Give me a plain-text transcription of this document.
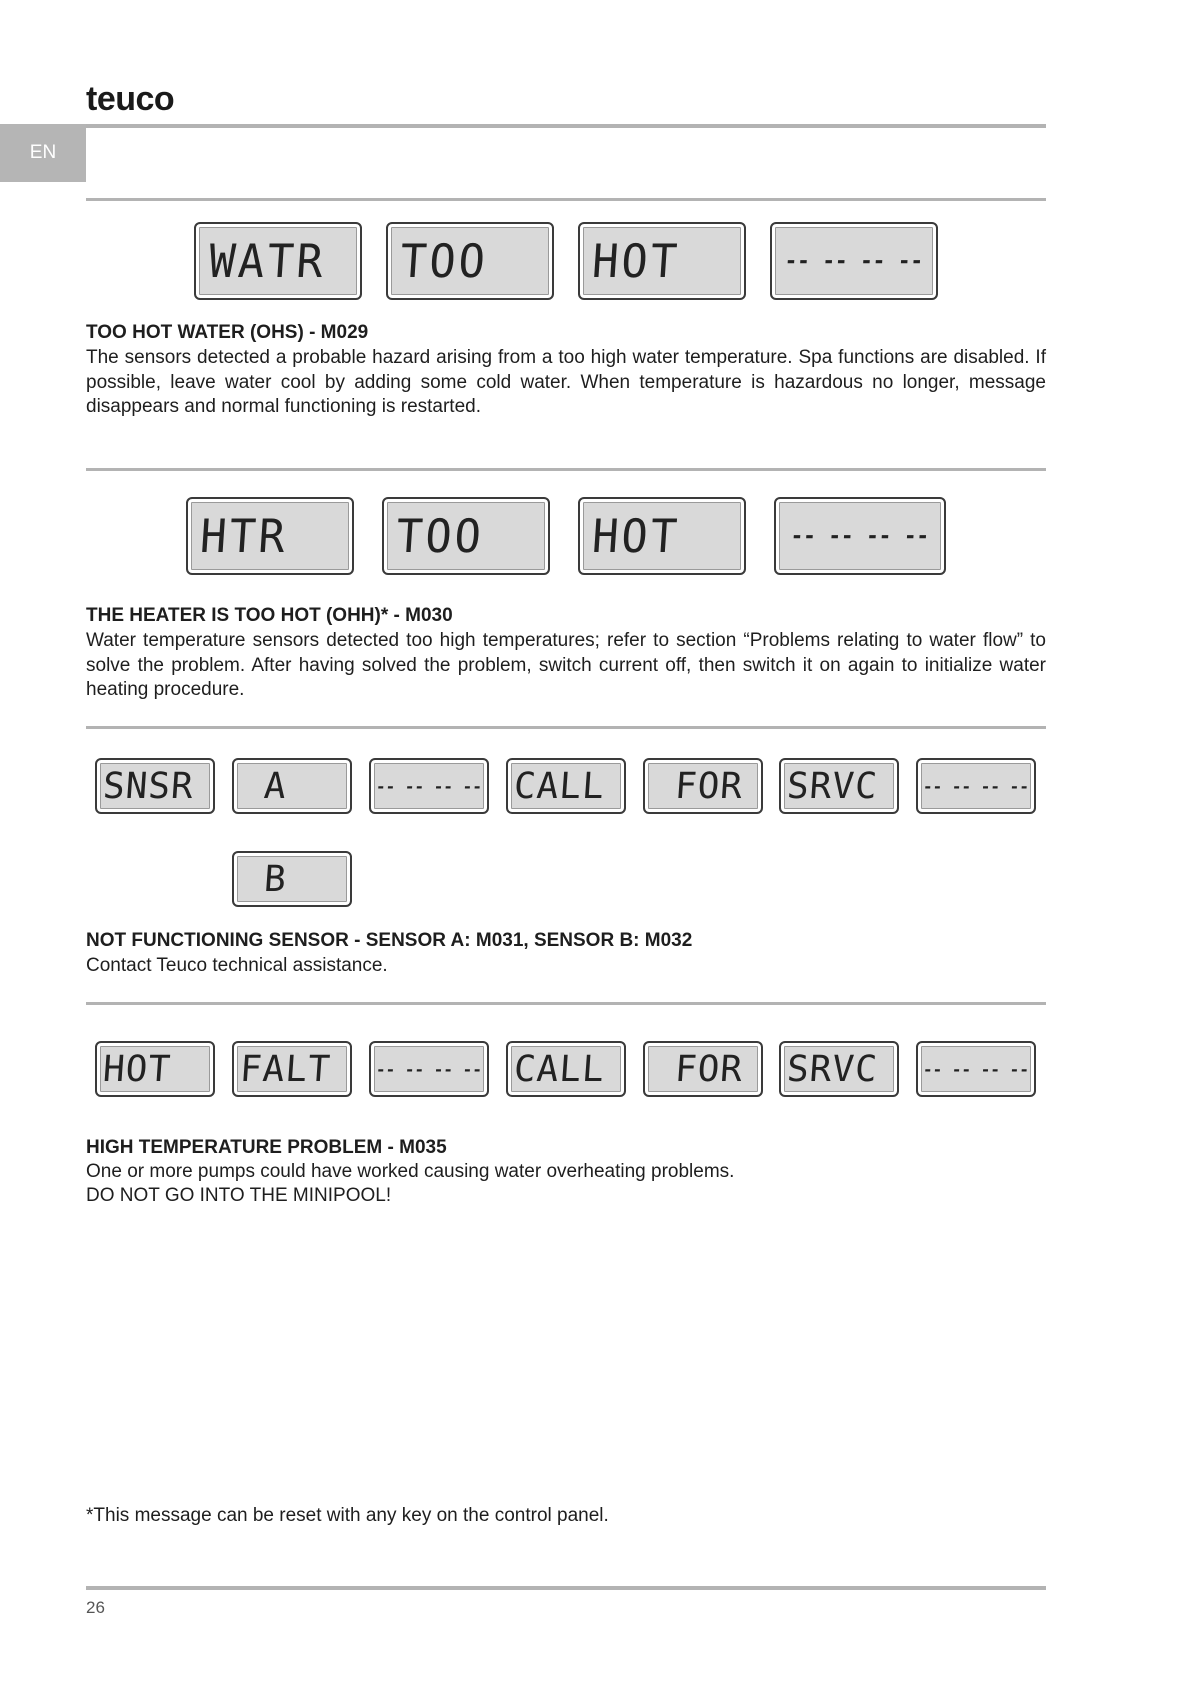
teuco
EN
WATR TOO HOT	-- -- -- --
TOO HOT WATER (OHS) - M029

The sensors detected a probable hazard arising from a too high water temperature. Spa functions are disabled. If possible, leave water cool by adding some cold water. When temperature is hazardous no longer, message disappears and normal functioning is restarted.

HTR TOO HOT	-- -- -- --
THE HEATER IS TOO HOT (OHH)* - M030

Water temperature sensors detected too high temperatures; refer to section “Problems relating to water flow” to solve the problem. After having solved the problem, switch current off, then switch it on again to initialize water heating procedure.

SNSR A	-- -- -- -- CALL FOR SRVC	-- -- -- --
B
NOT FUNCTIONING SENSOR - SENSOR A: M031, SENSOR B: M032
Contact Teuco technical assistance.
HOT FALT	-- -- -- -- CALL FOR SRVC	-- -- -- --
HIGH TEMPERATURE PROBLEM - M035
One or more pumps could have worked causing water overheating problems.
DO NOT GO INTO THE MINIPOOL!
*This message can be reset with any key on the control panel.
26
